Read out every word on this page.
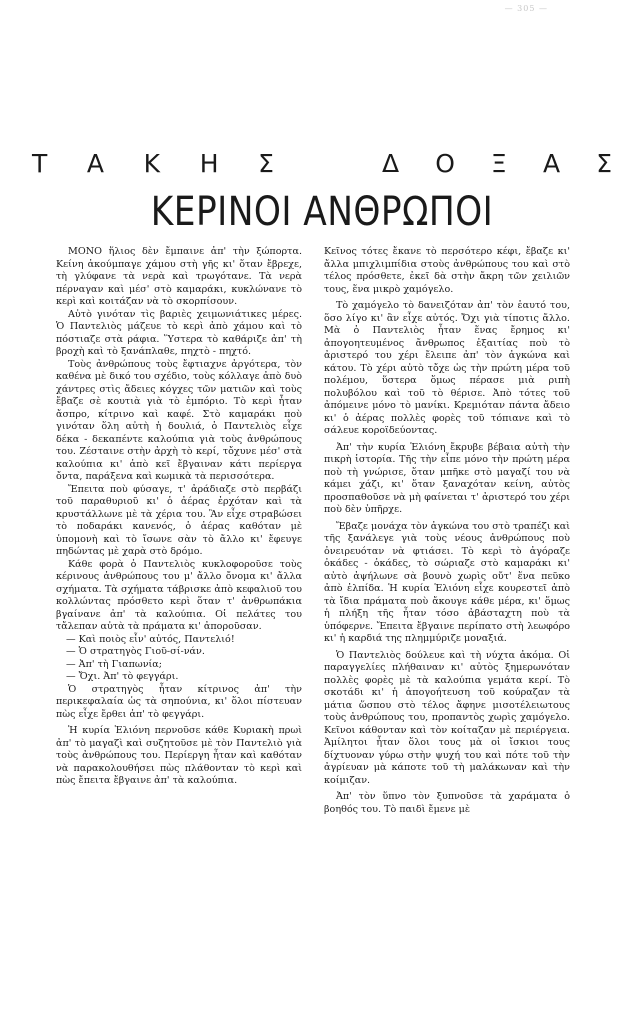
— 305 —
Τ Α Κ Η Σ	Δ Ο Ξ Α Σ
ΚΕΡΙΝΟΙ ΑΝΘΡΩΠΟΙ

ΜΟΝΟ ἥλιος δὲν ἔμπαινε ἀπ' τὴν ξώπορτα. Κείνη ἀκούμπαγε χάμου στὴ γῆς κι' ὅταν ἔβρεχε, τὴ γλύφανε τὰ νερὰ καὶ τρωγότανε. Τὰ νερὰ πέρναγαν καὶ μέσ' στὸ καμαράκι, κυκλώνανε τὸ κερὶ καὶ κοιτάζαν νὰ τὸ σκορπίσουν.

Αὐτὸ γινόταν τὶς βαριὲς χειμωνιάτικες μέρες. Ὁ Παντελιὸς μάζευε τὸ κερὶ ἀπὸ χάμου καὶ τὸ πόστιαζε στὰ ράφια. Ὕστερα τὸ καθάριζε ἀπ' τὴ βροχὴ καὶ τὸ ξανάπλαθε, πηχτὸ - πηχτό.

Τοὺς ἀνθρώπους τοὺς ἔφτιαχνε ἀργότερα, τὸν καθένα μὲ δικό του σχέδιο, τοὺς κόλλαγε ἀπὸ δυὸ χάντρες στὶς ἄδειες κόγχες τῶν ματιῶν καὶ τοὺς ἔβαζε σὲ κουτιὰ γιὰ τὸ ἐμπόριο. Τὸ κερὶ ἦταν ἄσπρο, κίτρινο καὶ καφέ. Στὸ καμαράκι ποὺ γινόταν ὅλη αὐτὴ ἡ δουλιά, ὁ Παντελιὸς εἶχε δέκα - δεκαπέντε καλούπια γιὰ τοὺς ἀνθρώπους του. Ζέσταινε στὴν ἀρχὴ τὸ κερί, τὄχυνε μέσ' στὰ καλούπια κι' ἀπὸ κεῖ ἔβγαιναν κάτι περίεργα ὄντα, παράξενα καὶ κωμικὰ τὰ περισσότερα.

Ἔπειτα ποὺ φύσαγε, τ' ἀράδιαζε στὸ περβάζι τοῦ παραθυριοῦ κι' ὁ ἀέρας ἐρχόταν καὶ τὰ κρυστάλλωνε μὲ τὰ χέρια του. Ἂν εἶχε στραβώσει τὸ ποδαράκι κανενός, ὁ ἀέρας καθόταν μὲ ὑπομονὴ καὶ τὸ ἴσωνε σὰν τὸ ἄλλο κι' ἔφευγε πηδώντας μὲ χαρὰ στὸ δρόμο.

Κάθε φορὰ ὁ Παντελιὸς κυκλοφοροῦσε τοὺς κέρινους ἀνθρώπους του μ' ἄλλο ὄνομα κι' ἄλλα σχήματα. Τὰ σχήματα τάβρισκε ἀπὸ κεφαλιοῦ του κολλώντας πρόσθετο κερὶ ὅταν τ' ἀνθρωπάκια βγαίνανε ἀπ' τὰ καλούπια. Οἱ πελάτες του τἄλεπαν αὐτὰ τὰ πράματα κι' ἀποροῦσαν.

— Καὶ ποιὸς εἶν' αὐτός, Παντελιό!

— Ὁ στρατηγὸς Γιοῦ-σί-νάν.

— Ἀπ' τὴ Γιαπωνία;

— Ὄχι. Ἀπ' τὸ φεγγάρι.

Ὁ στρατηγὸς ἦταν κίτρινος ἀπ' τὴν περικεφαλαία ὡς τὰ σηπούνια, κι' ὅλοι πίστευαν πὼς εἶχε ἔρθει ἀπ' τὸ φεγγάρι.

Ἡ κυρία Ἑλιόνη περνοῦσε κάθε Κυριακὴ πρωὶ ἀπ' τὸ μαγαζὶ καὶ συζητοῦσε μὲ τὸν Παντελιὸ γιὰ τοὺς ἀνθρώπους του. Περίεργη ἦταν καὶ καθόταν νὰ παρακολουθήσει πὼς πλάθονταν τὸ κερὶ καὶ πὼς ἔπειτα ἔβγαινε ἀπ' τὰ καλούπια.

Κεῖνος τότες ἔκανε τὸ περσότερο κέφι, ἔβαζε κι' ἄλλα μπιχλιμπίδια στοὺς ἀνθρώπους του καὶ στὸ τέλος πρόσθετε, ἐκεῖ δὰ στὴν ἄκρη τῶν χειλιῶν τους, ἕνα μικρὸ χαμόγελο.

Τὸ χαμόγελο τὸ δανειζόταν ἀπ' τὸν ἑαυτό του, ὅσο λίγο κι' ἂν εἶχε αὐτός. Ὄχι γιὰ τίποτις ἄλλο. Μὰ ὁ Παντελιὸς ἦταν ἕνας ἔρημος κι' ἀπογοητευμένος ἄνθρωπος ἐξαιτίας ποὺ τὸ ἀριστερό του χέρι ἔλειπε ἀπ' τὸν ἀγκώνα καὶ κάτου. Τὸ χέρι αὐτὸ τὄχε ὡς τὴν πρώτη μέρα τοῦ πολέμου, ὕστερα ὅμως πέρασε μιὰ ριπὴ πολυβόλου καὶ τοῦ τὸ θέρισε. Ἀπὸ τότες τοῦ ἀπόμεινε μόνο τὸ μανίκι. Κρεμιόταν πάντα ἄδειο κι' ὁ ἀέρας πολλὲς φορὲς τοῦ τόπιανε καὶ τὸ σάλευε κοροϊδεύοντας.

Ἀπ' τὴν κυρία Ἑλιόνη ἔκρυβε βέβαια αὐτὴ τὴν πικρὴ ἱστορία. Τῆς τὴν εἶπε μόνο τὴν πρώτη μέρα ποὺ τὴ γνώρισε, ὅταν μπῆκε στὸ μαγαζί του νὰ κάμει χάζι, κι' ὅταν ξαναχόταν κείνη, αὐτὸς προσπαθοῦσε νὰ μὴ φαίνεται τ' ἀριστερό του χέρι ποὺ δὲν ὑπῆρχε.

Ἔβαζε μονάχα τὸν ἀγκώνα του στὸ τραπέζι καὶ τῆς ξανάλεγε γιὰ τοὺς νέους ἀνθρώπους ποὺ ὀνειρευόταν νὰ φτιάσει. Τὸ κερὶ τὸ ἀγόραζε ὀκάδες - ὀκάδες, τὸ σώριαζε στὸ καμαράκι κι' αὐτὸ ἀψήλωνε σὰ βουνὸ χωρὶς οὔτ' ἕνα πεῦκο ἀπὸ ἐλπίδα. Ἡ κυρία Ἑλιόνη εἶχε κουρεστεῖ ἀπὸ τὰ ἴδια πράματα ποὺ ἄκουγε κάθε μέρα, κι' ὅμως ἡ πλήξη τῆς ἦταν τόσο ἀβάσταχτη ποὺ τὰ ὑπόφερνε. Ἔπειτα ἔβγαινε περίπατο στὴ λεωφόρο κι' ἡ καρδιά της πλημμύριζε μοναξιά.

Ὁ Παντελιὸς δούλευε καὶ τὴ νύχτα ἀκόμα. Οἱ παραγγελίες πλήθαιναν κι' αὐτὸς ξημερωνόταν πολλὲς φορὲς μὲ τὰ καλούπια γεμάτα κερί. Τὸ σκοτάδι κι' ἡ ἀπογοήτευση τοῦ κούραζαν τὰ μάτια ὥσπου στὸ τέλος ἄφηνε μισοτέλειωτους τοὺς ἀνθρώπους του, προπαντὸς χωρὶς χαμόγελο. Κεῖνοι κάθονταν καὶ τὸν κοίταζαν μὲ περιέργεια. Ἀμίλητοι ἦταν ὅλοι τους μὰ οἱ ἴσκιοι τους δίχτυοναν γύρω στὴν ψυχή του καὶ πότε τοῦ τὴν ἀγρίευαν μὰ κάποτε τοῦ τὴ μαλάκωναν καὶ τὴν κοίμιζαν.

Ἀπ' τὸν ὕπνο τὸν ξυπνοῦσε τὰ χαράματα ὁ βοηθός του. Τὸ παιδὶ ἔμενε μὲ
